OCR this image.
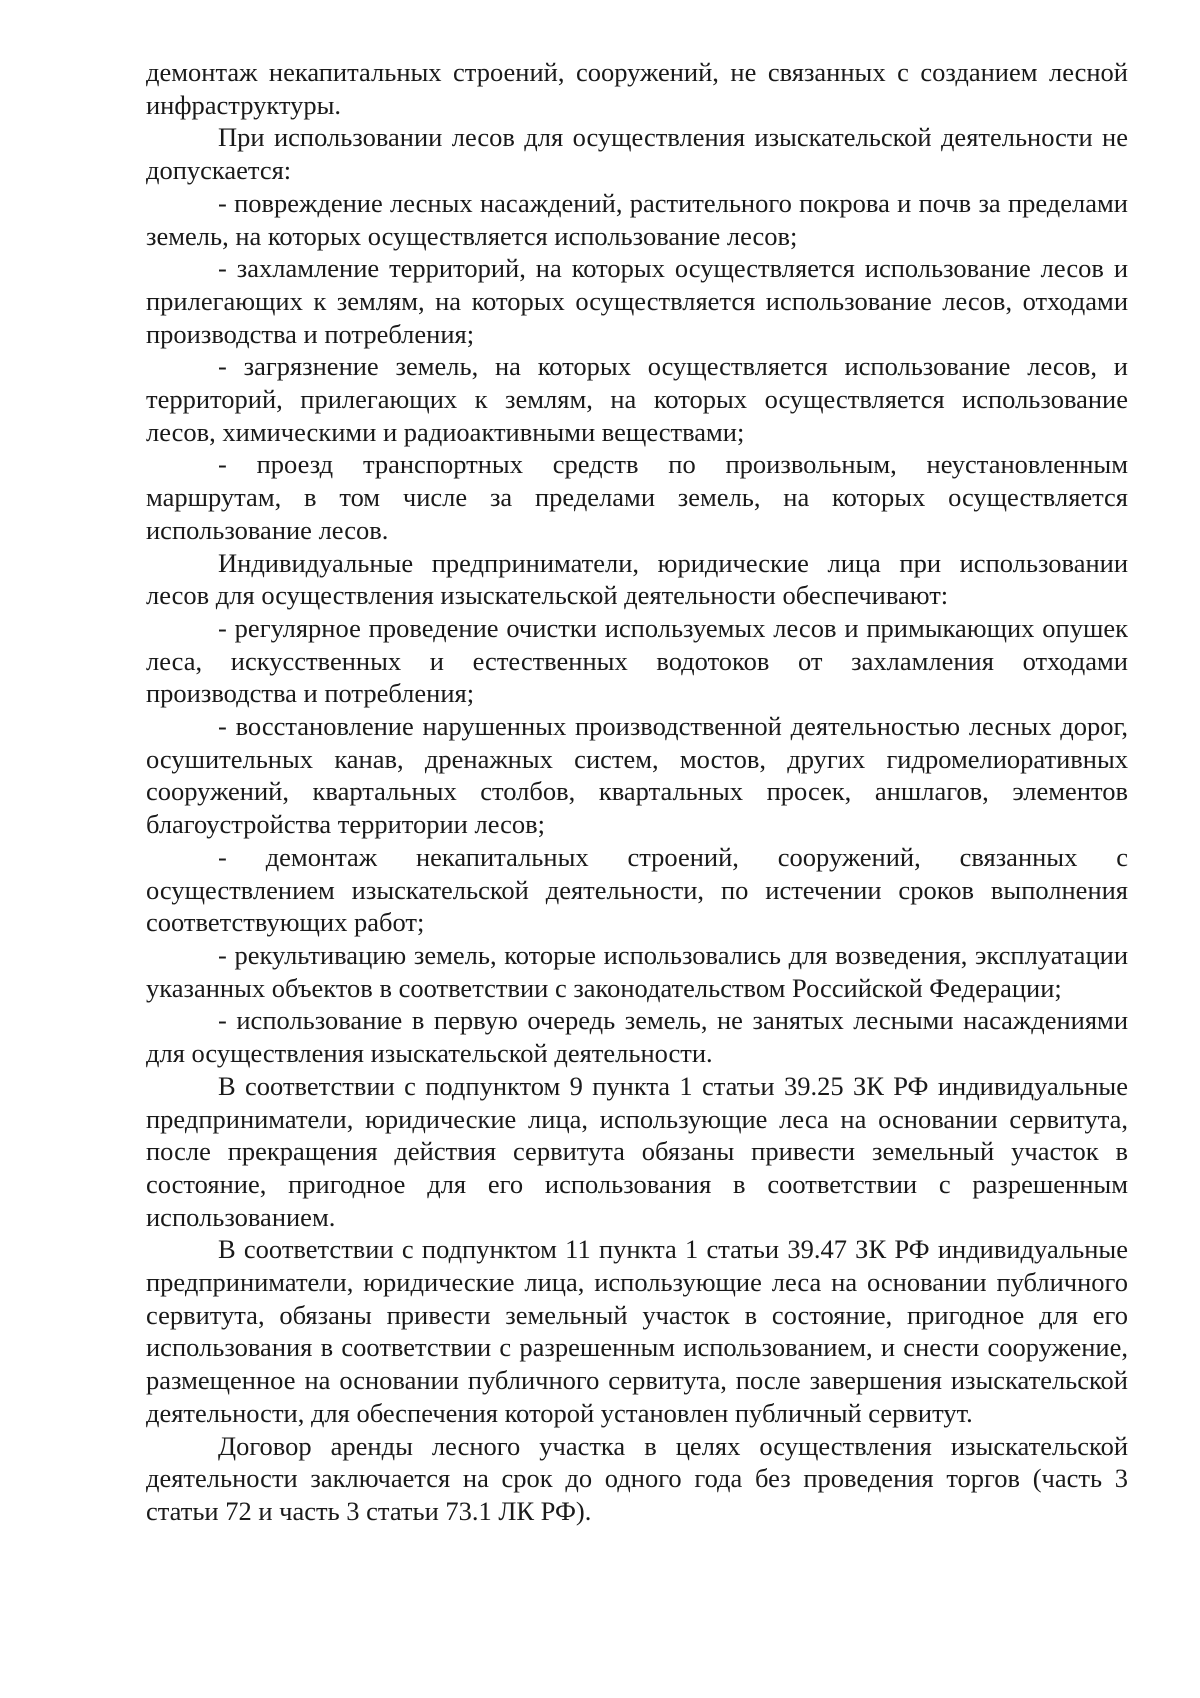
демонтаж некапитальных строений, сооружений, не связанных с созданием лесной инфраструктуры.

При использовании лесов для осуществления изыскательской деятельности не допускается:

- повреждение лесных насаждений, растительного покрова и почв за пределами земель, на которых осуществляется использование лесов;

- захламление территорий, на которых осуществляется использование лесов и прилегающих к землям, на которых осуществляется использование лесов, отходами производства и потребления;

- загрязнение земель, на которых осуществляется использование лесов, и территорий, прилегающих к землям, на которых осуществляется использование лесов, химическими и радиоактивными веществами;

- проезд транспортных средств по произвольным, неустановленным маршрутам, в том числе за пределами земель, на которых осуществляется использование лесов.

Индивидуальные предприниматели, юридические лица при использовании лесов для осуществления изыскательской деятельности обеспечивают:

- регулярное проведение очистки используемых лесов и примыкающих опушек леса, искусственных и естественных водотоков от захламления отходами производства и потребления;

- восстановление нарушенных производственной деятельностью лесных дорог, осушительных канав, дренажных систем, мостов, других гидромелиоративных сооружений, квартальных столбов, квартальных просек, аншлагов, элементов благоустройства территории лесов;

- демонтаж некапитальных строений, сооружений, связанных с осуществлением изыскательской деятельности, по истечении сроков выполнения соответствующих работ;

- рекультивацию земель, которые использовались для возведения, эксплуатации указанных объектов в соответствии с законодательством Российской Федерации;

- использование в первую очередь земель, не занятых лесными насаждениями для осуществления изыскательской деятельности.

В соответствии с подпунктом 9 пункта 1 статьи 39.25 ЗК РФ индивидуальные предприниматели, юридические лица, использующие леса на основании сервитута, после прекращения действия сервитута обязаны привести земельный участок в состояние, пригодное для его использования в соответствии с разрешенным использованием.

В соответствии с подпунктом 11 пункта 1 статьи 39.47 ЗК РФ индивидуальные предприниматели, юридические лица, использующие леса на основании публичного сервитута, обязаны привести земельный участок в состояние, пригодное для его использования в соответствии с разрешенным использованием, и снести сооружение, размещенное на основании публичного сервитута, после завершения изыскательской деятельности, для обеспечения которой установлен публичный сервитут.

Договор аренды лесного участка в целях осуществления изыскательской деятельности заключается на срок до одного года без проведения торгов (часть 3 статьи 72 и часть 3 статьи 73.1 ЛК РФ).
